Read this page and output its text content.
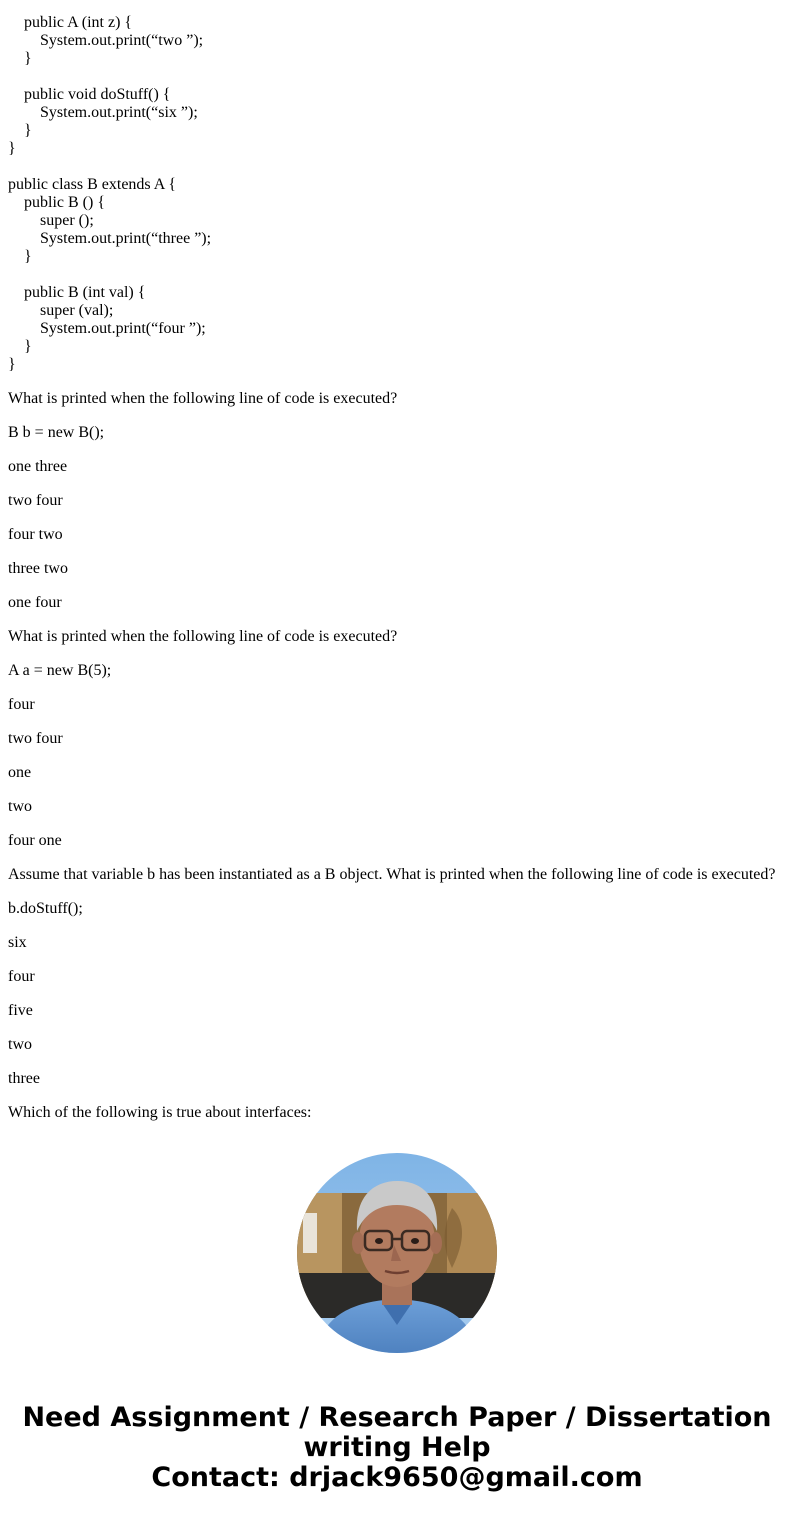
public A (int z) {
System.out.print(“two ”);
}
public void doStuff() {
System.out.print(“six ”);
}
}
public class B extends A {
public B () {
super ();
System.out.print(“three ”);
}
public B (int val) {
super (val);
System.out.print(“four ”);
}
}

What is printed when the following line of code is executed?

B b = new B();

one three

two four

four two

three two

one four

What is printed when the following line of code is executed?

A a = new B(5);

four

two four

one

two

four one

Assume that variable b has been instantiated as a B object. What is printed when the following line of code is executed?

b.doStuff();

six

four

five

two

three

Which of the following is true about interfaces:

Need Assignment / Research Paper / Dissertation
writing Help
Contact: drjack9650@gmail.com
